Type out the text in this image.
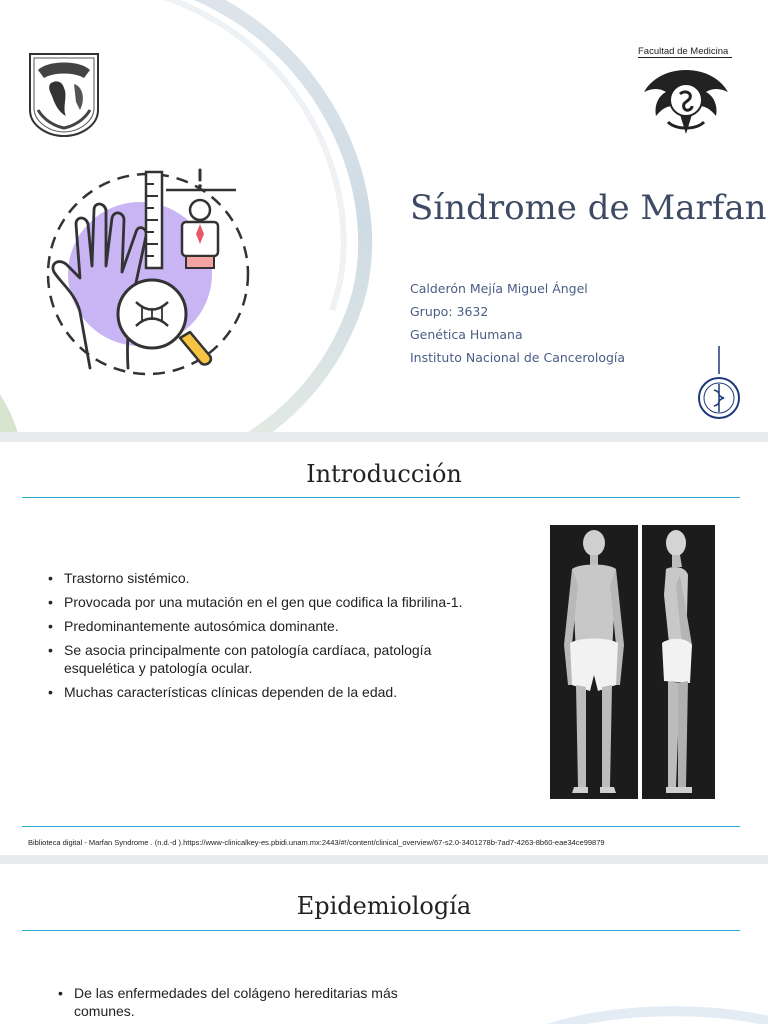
Facultad de Medicina
Síndrome de Marfan
Calderón Mejía Miguel Ángel
Grupo: 3632
Genética Humana
Instituto Nacional de Cancerología
Introducción
• Trastorno sistémico.
• Provocada por una mutación en el gen que codifica la fibrilina-1.
• Predominantemente autosómica dominante.
• Se asocia principalmente con patología cardíaca, patología esquelética y patología ocular.
• Muchas características clínicas dependen de la edad.
Biblioteca digital - Marfan Syndrome . (n.d.-d ).https://www-clinicalkey-es.pbidi.unam.mx:2443/#!/content/clinical_overview/67-s2.0-3401278b-7ad7-4263-8b60-eae34ce99879
Epidemiología
• De las enfermedades del colágeno hereditarias más comunes.
